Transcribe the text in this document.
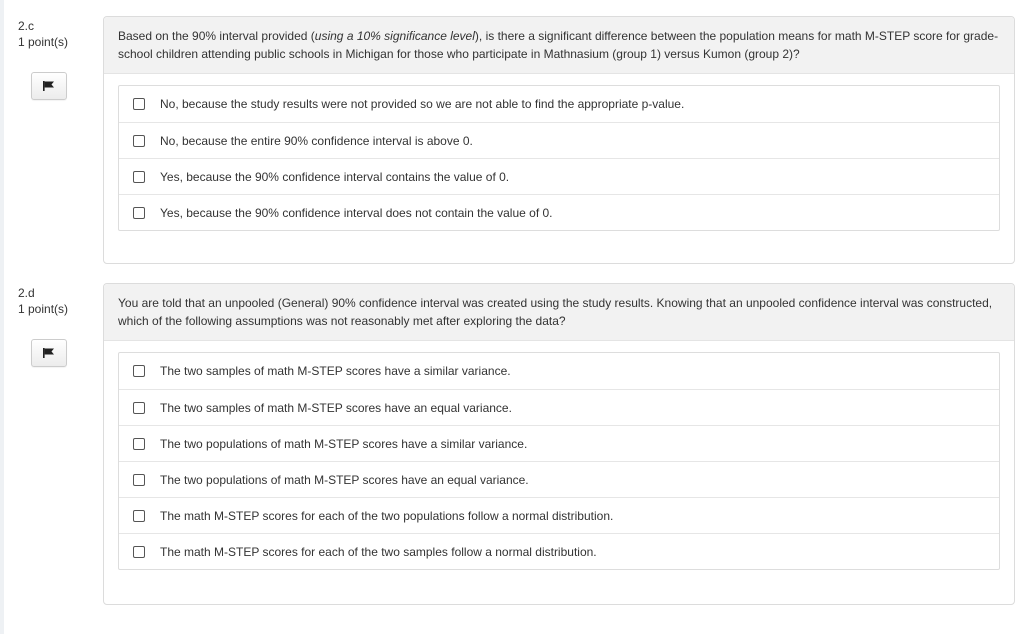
2.c
1 point(s)	Based on the 90% interval provided (using a 10% significance level), is there a significant difference between the population means for math M-STEP score for grade-school children attending public schools in Michigan for those who participate in Mathnasium (group 1) versus Kumon (group 2)?
No, because the study results were not provided so we are not able to find the appropriate p-value.
No, because the entire 90% confidence interval is above 0.
Yes, because the 90% confidence interval contains the value of 0.
Yes, because the 90% confidence interval does not contain the value of 0.
2.d
1 point(s)	You are told that an unpooled (General) 90% confidence interval was created using the study results. Knowing that an unpooled confidence interval was constructed, which of the following assumptions was not reasonably met after exploring the data?
The two samples of math M-STEP scores have a similar variance.
The two samples of math M-STEP scores have an equal variance.
The two populations of math M-STEP scores have a similar variance.
The two populations of math M-STEP scores have an equal variance.
The math M-STEP scores for each of the two populations follow a normal distribution.
The math M-STEP scores for each of the two samples follow a normal distribution.
